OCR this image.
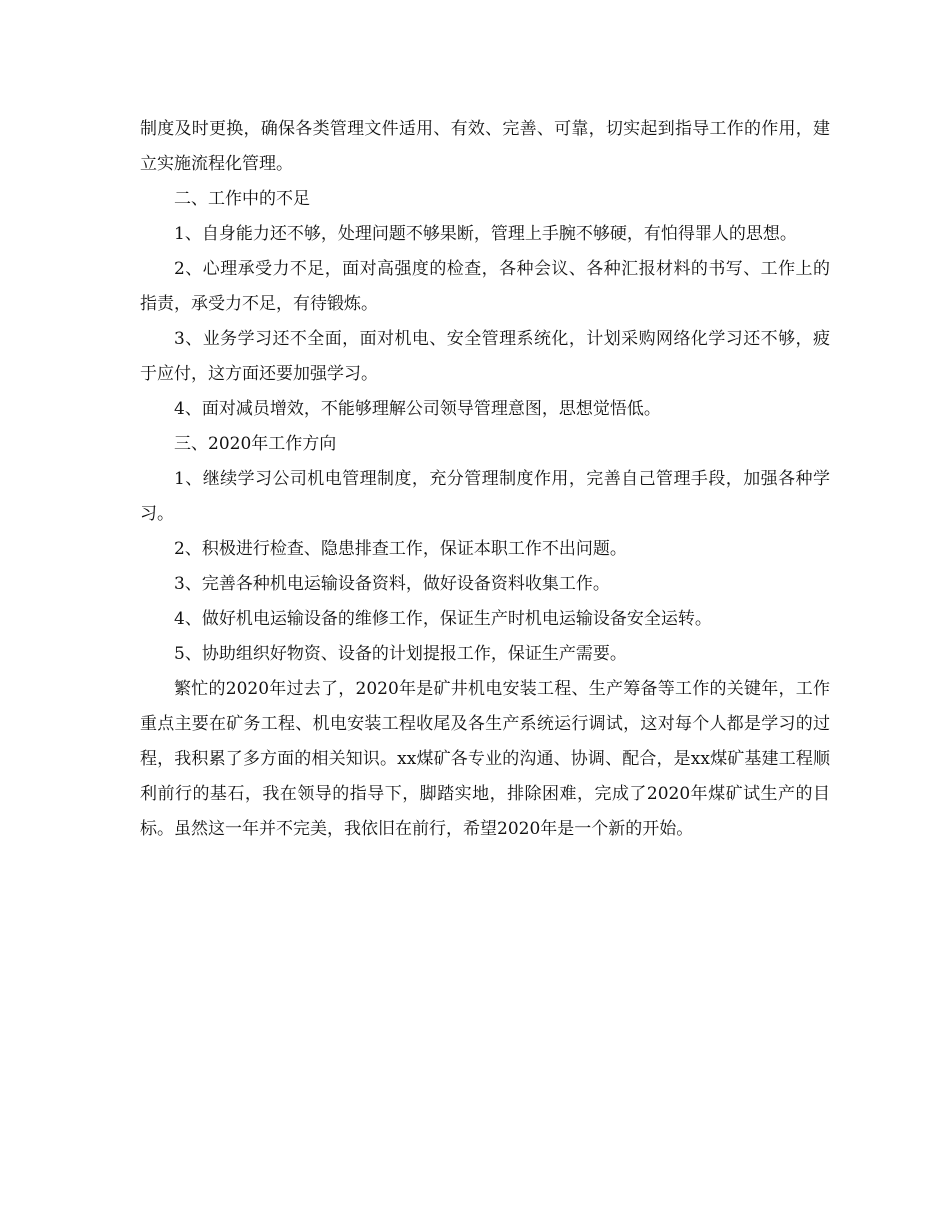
制度及时更换，确保各类管理文件适用、有效、完善、可靠，切实起到指导工作的作用，建立实施流程化管理。

二、工作中的不足

1、自身能力还不够，处理问题不够果断，管理上手腕不够硬，有怕得罪人的思想。

2、心理承受力不足，面对高强度的检查，各种会议、各种汇报材料的书写、工作上的指责，承受力不足，有待锻炼。

3、业务学习还不全面，面对机电、安全管理系统化，计划采购网络化学习还不够，疲于应付，这方面还要加强学习。

4、面对减员增效，不能够理解公司领导管理意图，思想觉悟低。

三、2020年工作方向

1、继续学习公司机电管理制度，充分管理制度作用，完善自己管理手段，加强各种学习。

2、积极进行检查、隐患排查工作，保证本职工作不出问题。

3、完善各种机电运输设备资料，做好设备资料收集工作。

4、做好机电运输设备的维修工作，保证生产时机电运输设备安全运转。

5、协助组织好物资、设备的计划提报工作，保证生产需要。

繁忙的2020年过去了，2020年是矿井机电安装工程、生产筹备等工作的关键年，工作重点主要在矿务工程、机电安装工程收尾及各生产系统运行调试，这对每个人都是学习的过程，我积累了多方面的相关知识。xx煤矿各专业的沟通、协调、配合，是xx煤矿基建工程顺利前行的基石，我在领导的指导下，脚踏实地，排除困难，完成了2020年煤矿试生产的目标。虽然这一年并不完美，我依旧在前行，希望2020年是一个新的开始。
